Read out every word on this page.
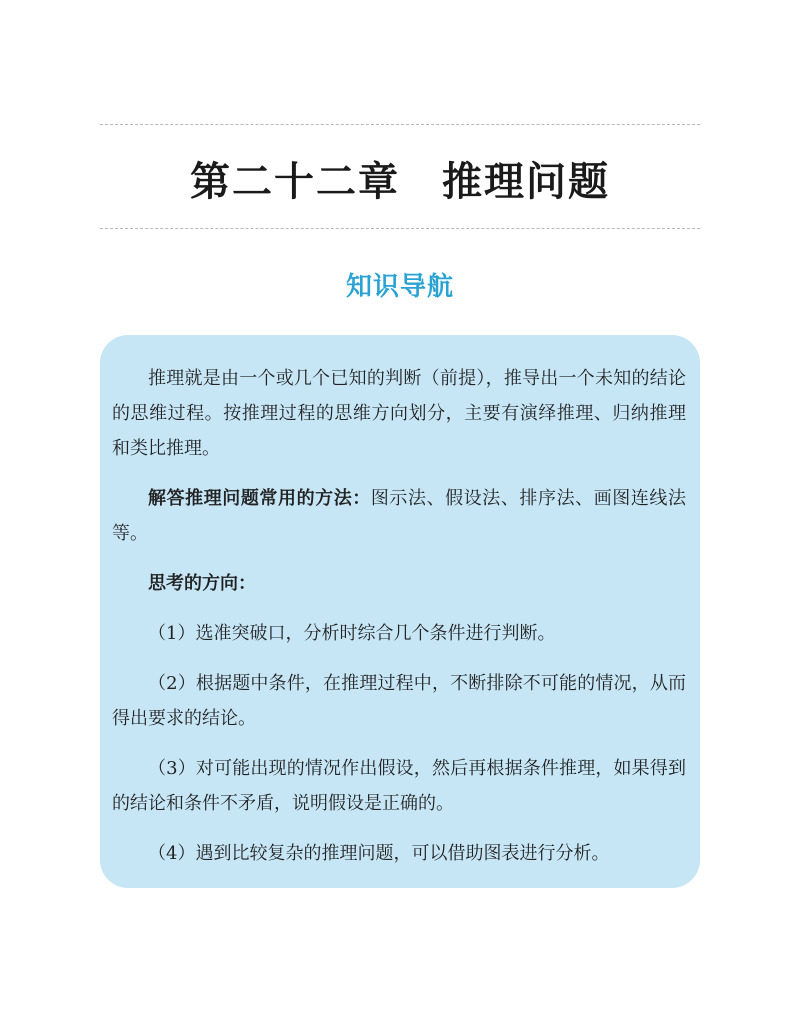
第二十二章　推理问题
知识导航

推理就是由一个或几个已知的判断（前提），推导出一个未知的结论的思维过程。按推理过程的思维方向划分，主要有演绎推理、归纳推理和类比推理。

解答推理问题常用的方法：图示法、假设法、排序法、画图连线法等。

思考的方向：

（1）选准突破口，分析时综合几个条件进行判断。

（2）根据题中条件，在推理过程中，不断排除不可能的情况，从而得出要求的结论。

（3）对可能出现的情况作出假设，然后再根据条件推理，如果得到的结论和条件不矛盾，说明假设是正确的。

（4）遇到比较复杂的推理问题，可以借助图表进行分析。
